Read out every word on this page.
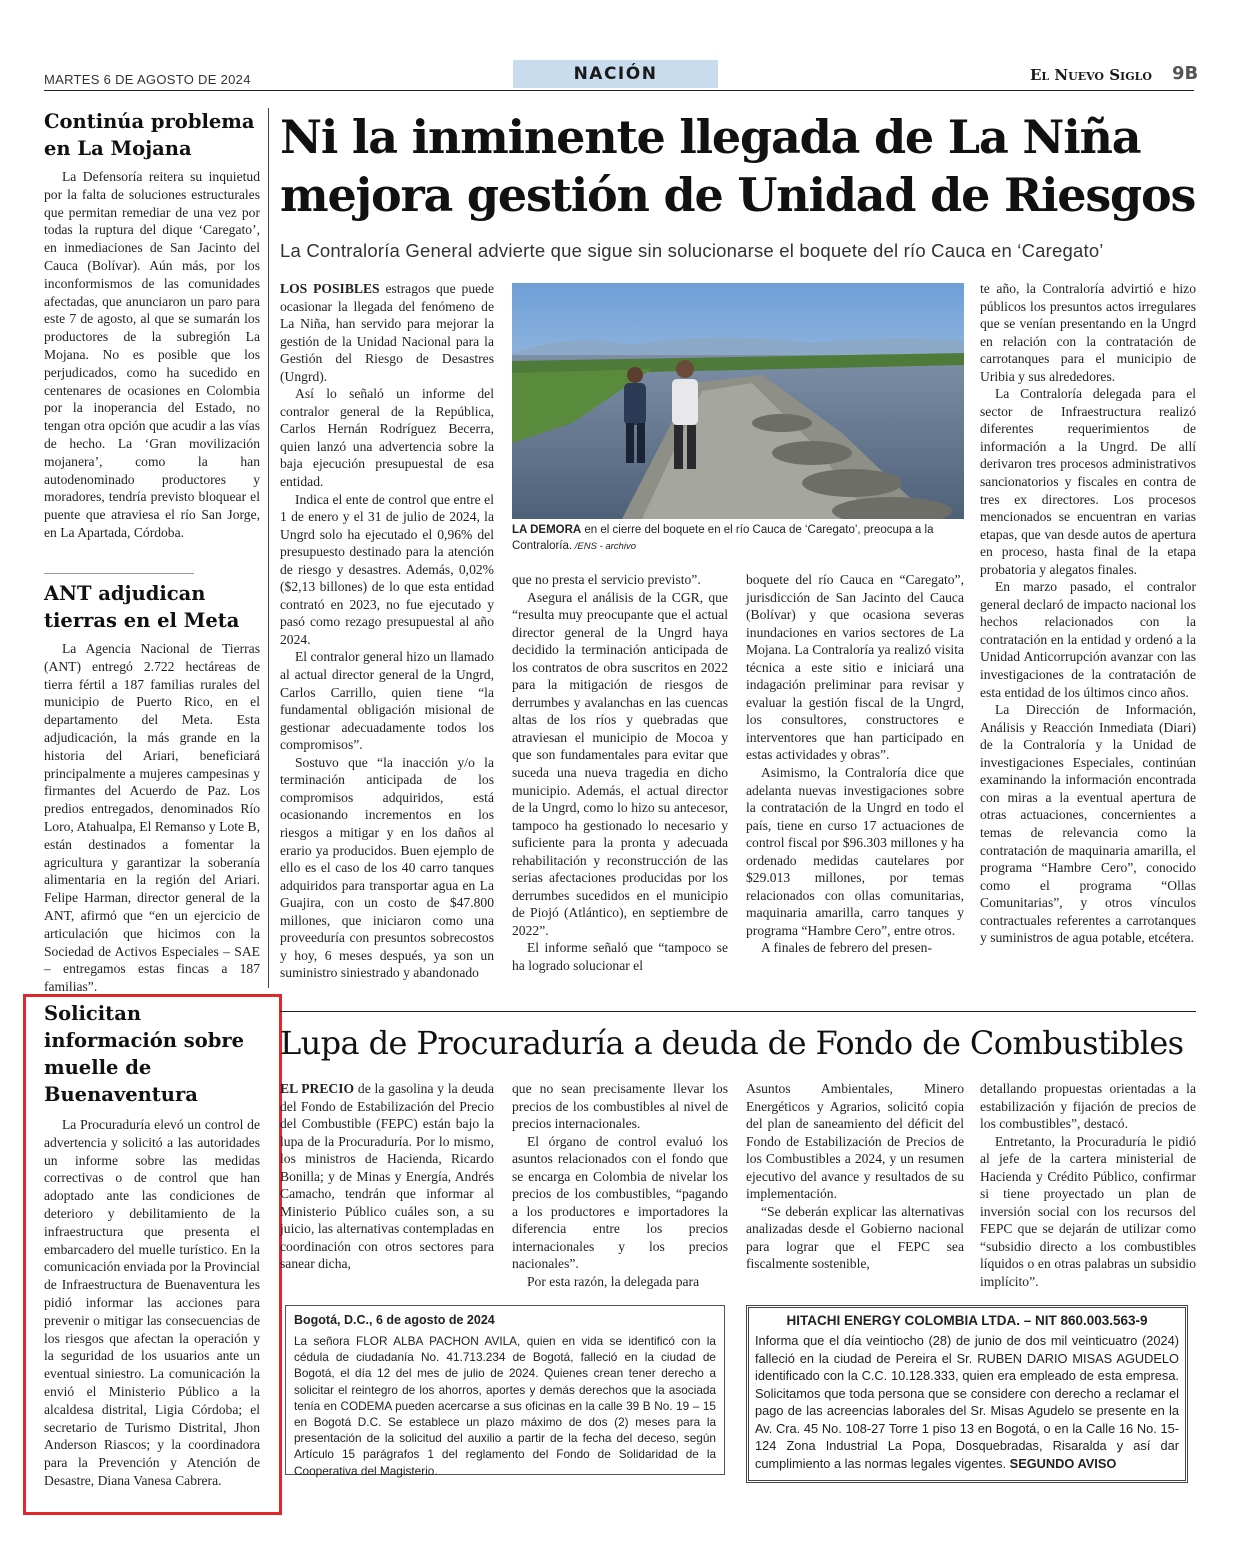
MARTES 6 DE AGOSTO DE 2024	NACIÓN	El Nuevo Siglo 9B
Continúa problema en La Mojana
La Defensoría reitera su inquietud por la falta de soluciones estructurales que permitan remediar de una vez por todas la ruptura del dique ‘Caregato’, en inmediaciones de San Jacinto del Cauca (Bolívar). Aún más, por los inconformismos de las comunidades afectadas, que anunciaron un paro para este 7 de agosto, al que se sumarán los productores de la subregión La Mojana. No es posible que los perjudicados, como ha sucedido en centenares de ocasiones en Colombia por la inoperancia del Estado, no tengan otra opción que acudir a las vías de hecho. La ‘Gran movilización mojanera’, como la han autodenominado productores y moradores, tendría previsto bloquear el puente que atraviesa el río San Jorge, en La Apartada, Córdoba.
ANT adjudican tierras en el Meta
La Agencia Nacional de Tierras (ANT) entregó 2.722 hectáreas de tierra fértil a 187 familias rurales del municipio de Puerto Rico, en el departamento del Meta. Esta adjudicación, la más grande en la historia del Ariari, beneficiará principalmente a mujeres campesinas y firmantes del Acuerdo de Paz. Los predios entregados, denominados Río Loro, Atahualpa, El Remanso y Lote B, están destinados a fomentar la agricultura y garantizar la soberanía alimentaria en la región del Ariari. Felipe Harman, director general de la ANT, afirmó que “en un ejercicio de articulación que hicimos con la Sociedad de Activos Especiales – SAE – entregamos estas fincas a 187 familias”.
Solicitan información sobre muelle de Buenaventura
La Procuraduría elevó un control de advertencia y solicitó a las autoridades un informe sobre las medidas correctivas o de control que han adoptado ante las condiciones de deterioro y debilitamiento de la infraestructura que presenta el embarcadero del muelle turístico. En la comunicación enviada por la Provincial de Infraestructura de Buenaventura les pidió informar las acciones para prevenir o mitigar las consecuencias de los riesgos que afectan la operación y la seguridad de los usuarios ante un eventual siniestro. La comunicación la envió el Ministerio Público a la alcaldesa distrital, Ligia Córdoba; el secretario de Turismo Distrital, Jhon Anderson Riascos; y la coordinadora para la Prevención y Atención de Desastre, Diana Vanesa Cabrera.
Ni la inminente llegada de La Niña mejora gestión de Unidad de Riesgos
La Contraloría General advierte que sigue sin solucionarse el boquete del río Cauca en ‘Caregato’

LOS POSIBLES estragos que puede ocasionar la llegada del fenómeno de La Niña, han servido para mejorar la gestión de la Unidad Nacional para la Gestión del Riesgo de Desastres (Ungrd).

Así lo señaló un informe del contralor general de la República, Carlos Hernán Rodríguez Becerra, quien lanzó una advertencia sobre la baja ejecución presupuestal de esa entidad.

Indica el ente de control que entre el 1 de enero y el 31 de julio de 2024, la Ungrd solo ha ejecutado el 0,96% del presupuesto destinado para la atención de riesgo y desastres. Además, 0,02% ($2,13 billones) de lo que esta entidad contrató en 2023, no fue ejecutado y pasó como rezago presupuestal al año 2024.

El contralor general hizo un llamado al actual director general de la Ungrd, Carlos Carrillo, quien tiene “la fundamental obligación misional de gestionar adecuadamente todos los compromisos”.

Sostuvo que “la inacción y/o la terminación anticipada de los compromisos adquiridos, está ocasionando incrementos en los riesgos a mitigar y en los daños al erario ya producidos. Buen ejemplo de ello es el caso de los 40 carro tanques adquiridos para transportar agua en La Guajira, con un costo de $47.800 millones, que iniciaron como una proveeduría con presuntos sobrecostos y hoy, 6 meses después, ya son un suministro siniestrado y abandonado

LA DEMORA en el cierre del boquete en el río Cauca de ‘Caregato’, preocupa a la Contraloría. /ENS - archivo

que no presta el servicio previsto”.

Asegura el análisis de la CGR, que “resulta muy preocupante que el actual director general de la Ungrd haya decidido la terminación anticipada de los contratos de obra suscritos en 2022 para la mitigación de riesgos de derrumbes y avalanchas en las cuencas altas de los ríos y quebradas que atraviesan el municipio de Mocoa y que son fundamentales para evitar que suceda una nueva tragedia en dicho municipio. Además, el actual director de la Ungrd, como lo hizo su antecesor, tampoco ha gestionado lo necesario y suficiente para la pronta y adecuada rehabilitación y reconstrucción de las serias afectaciones producidas por los derrumbes sucedidos en el municipio de Piojó (Atlántico), en septiembre de 2022”.

El informe señaló que “tampoco se ha logrado solucionar el

boquete del río Cauca en “Caregato”, jurisdicción de San Jacinto del Cauca (Bolívar) y que ocasiona severas inundaciones en varios sectores de La Mojana. La Contraloría ya realizó visita técnica a este sitio e iniciará una indagación preliminar para revisar y evaluar la gestión fiscal de la Ungrd, los consultores, constructores e interventores que han participado en estas actividades y obras”.

Asimismo, la Contraloría dice que adelanta nuevas investigaciones sobre la contratación de la Ungrd en todo el país, tiene en curso 17 actuaciones de control fiscal por $96.303 millones y ha ordenado medidas cautelares por $29.013 millones, por temas relacionados con ollas comunitarias, maquinaria amarilla, carro tanques y programa “Hambre Cero”, entre otros.

A finales de febrero del presen-

te año, la Contraloría advirtió e hizo públicos los presuntos actos irregulares que se venían presentando en la Ungrd en relación con la contratación de carrotanques para el municipio de Uribia y sus alrededores.

La Contraloría delegada para el sector de Infraestructura realizó diferentes requerimientos de información a la Ungrd. De allí derivaron tres procesos administrativos sancionatorios y fiscales en contra de tres ex directores. Los procesos mencionados se encuentran en varias etapas, que van desde autos de apertura en proceso, hasta final de la etapa probatoria y alegatos finales.

En marzo pasado, el contralor general declaró de impacto nacional los hechos relacionados con la contratación en la entidad y ordenó a la Unidad Anticorrupción avanzar con las investigaciones de la contratación de esta entidad de los últimos cinco años.

La Dirección de Información, Análisis y Reacción Inmediata (Diari) de la Contraloría y la Unidad de investigaciones Especiales, continúan examinando la información encontrada con miras a la eventual apertura de otras actuaciones, concernientes a temas de relevancia como la contratación de maquinaria amarilla, el programa “Hambre Cero”, conocido como el programa “Ollas Comunitarias”, y otros vínculos contractuales referentes a carrotanques y suministros de agua potable, etcétera.

Lupa de Procuraduría a deuda de Fondo de Combustibles

EL PRECIO de la gasolina y la deuda del Fondo de Estabilización del Precio del Combustible (FEPC) están bajo la lupa de la Procuraduría. Por lo mismo, los ministros de Hacienda, Ricardo Bonilla; y de Minas y Energía, Andrés Camacho, tendrán que informar al Ministerio Público cuáles son, a su juicio, las alternativas contempladas en coordinación con otros sectores para sanear dicha,

que no sean precisamente llevar los precios de los combustibles al nivel de precios internacionales.

El órgano de control evaluó los asuntos relacionados con el fondo que se encarga en Colombia de nivelar los precios de los combustibles, “pagando a los productores e importadores la diferencia entre los precios internacionales y los precios nacionales”.

Por esta razón, la delegada para

Asuntos Ambientales, Minero Energéticos y Agrarios, solicitó copia del plan de saneamiento del déficit del Fondo de Estabilización de Precios de los Combustibles a 2024, y un resumen ejecutivo del avance y resultados de su implementación.

“Se deberán explicar las alternativas analizadas desde el Gobierno nacional para lograr que el FEPC sea fiscalmente sostenible,

detallando propuestas orientadas a la estabilización y fijación de precios de los combustibles”, destacó.

Entretanto, la Procuraduría le pidió al jefe de la cartera ministerial de Hacienda y Crédito Público, confirmar si tiene proyectado un plan de inversión social con los recursos del FEPC que se dejarán de utilizar como “subsidio directo a los combustibles líquidos o en otras palabras un subsidio implícito”.

Bogotá, D.C., 6 de agosto de 2024
La señora FLOR ALBA PACHON AVILA, quien en vida se identificó con la cédula de ciudadanía No. 41.713.234 de Bogotá, falleció en la ciudad de Bogotá, el día 12 del mes de julio de 2024. Quienes crean tener derecho a solicitar el reintegro de los ahorros, aportes y demás derechos que la asociada tenía en CODEMA pueden acercarse a sus oficinas en la calle 39 B No. 19 – 15 en Bogotá D.C. Se establece un plazo máximo de dos (2) meses para la presentación de la solicitud del auxilio a partir de la fecha del deceso, según Artículo 15 parágrafos 1 del reglamento del Fondo de Solidaridad de la Cooperativa del Magisterio.
HITACHI ENERGY COLOMBIA LTDA. – NIT 860.003.563-9
Informa que el día veintiocho (28) de junio de dos mil veinticuatro (2024) falleció en la ciudad de Pereira el Sr. RUBEN DARIO MISAS AGUDELO identificado con la C.C. 10.128.333, quien era empleado de esta empresa. Solicitamos que toda persona que se considere con derecho a reclamar el pago de las acreencias laborales del Sr. Misas Agudelo se presente en la Av. Cra. 45 No. 108-27 Torre 1 piso 13 en Bogotá, o en la Calle 16 No. 15-124 Zona Industrial La Popa, Dosquebradas, Risaralda y así dar cumplimiento a las normas legales vigentes. SEGUNDO AVISO
